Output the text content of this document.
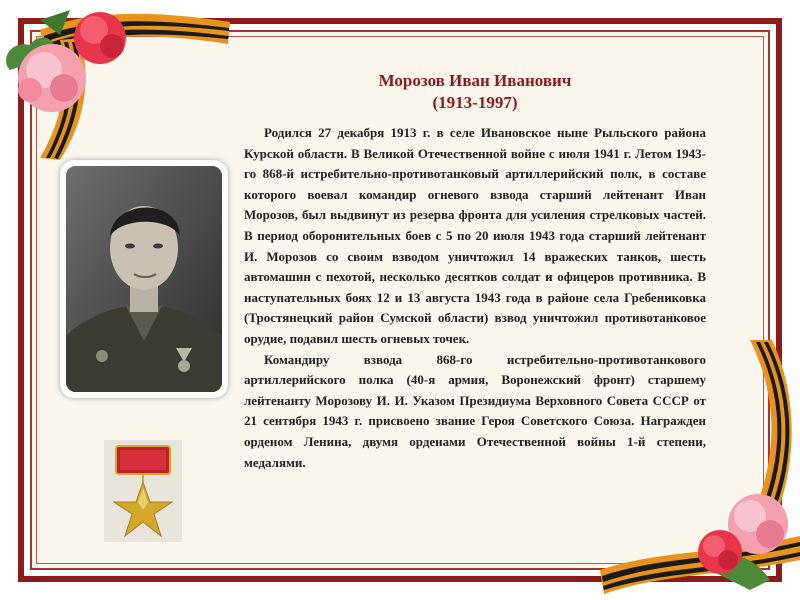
Морозов Иван Иванович
(1913-1997)

Родился 27 декабря 1913 г. в селе Ивановское ныне Рыльского района Курской области. В Великой Отечественной войне с июля 1941 г. Летом 1943-го 868-й истребительно-противотанковый артиллерийский полк, в составе которого воевал командир огневого взвода старший лейтенант Иван Морозов, был выдвинут из резерва фронта для усиления стрелковых частей. В период оборонительных боев с 5 по 20 июля 1943 года старший лейтенант И. Морозов со своим взводом уничтожил 14 вражеских танков, шесть автомашин с пехотой, несколько десятков солдат и офицеров противника. В наступательных боях 12 и 13 августа 1943 года в районе села Гребениковка (Тростянецкий район Сумской области) взвод уничтожил противотанковое орудие, подавил шесть огневых точек.

Командиру взвода 868-го истребительно-противотанкового артиллерийского полка (40-я армия, Воронежский фронт) старшему лейтенанту Морозову И. И. Указом Президиума Верховного Совета СССР от 21 сентября 1943 г. присвоено звание Героя Советского Союза. Награжден орденом Ленина, двумя орденами Отечественной войны 1-й степени, медалями.
